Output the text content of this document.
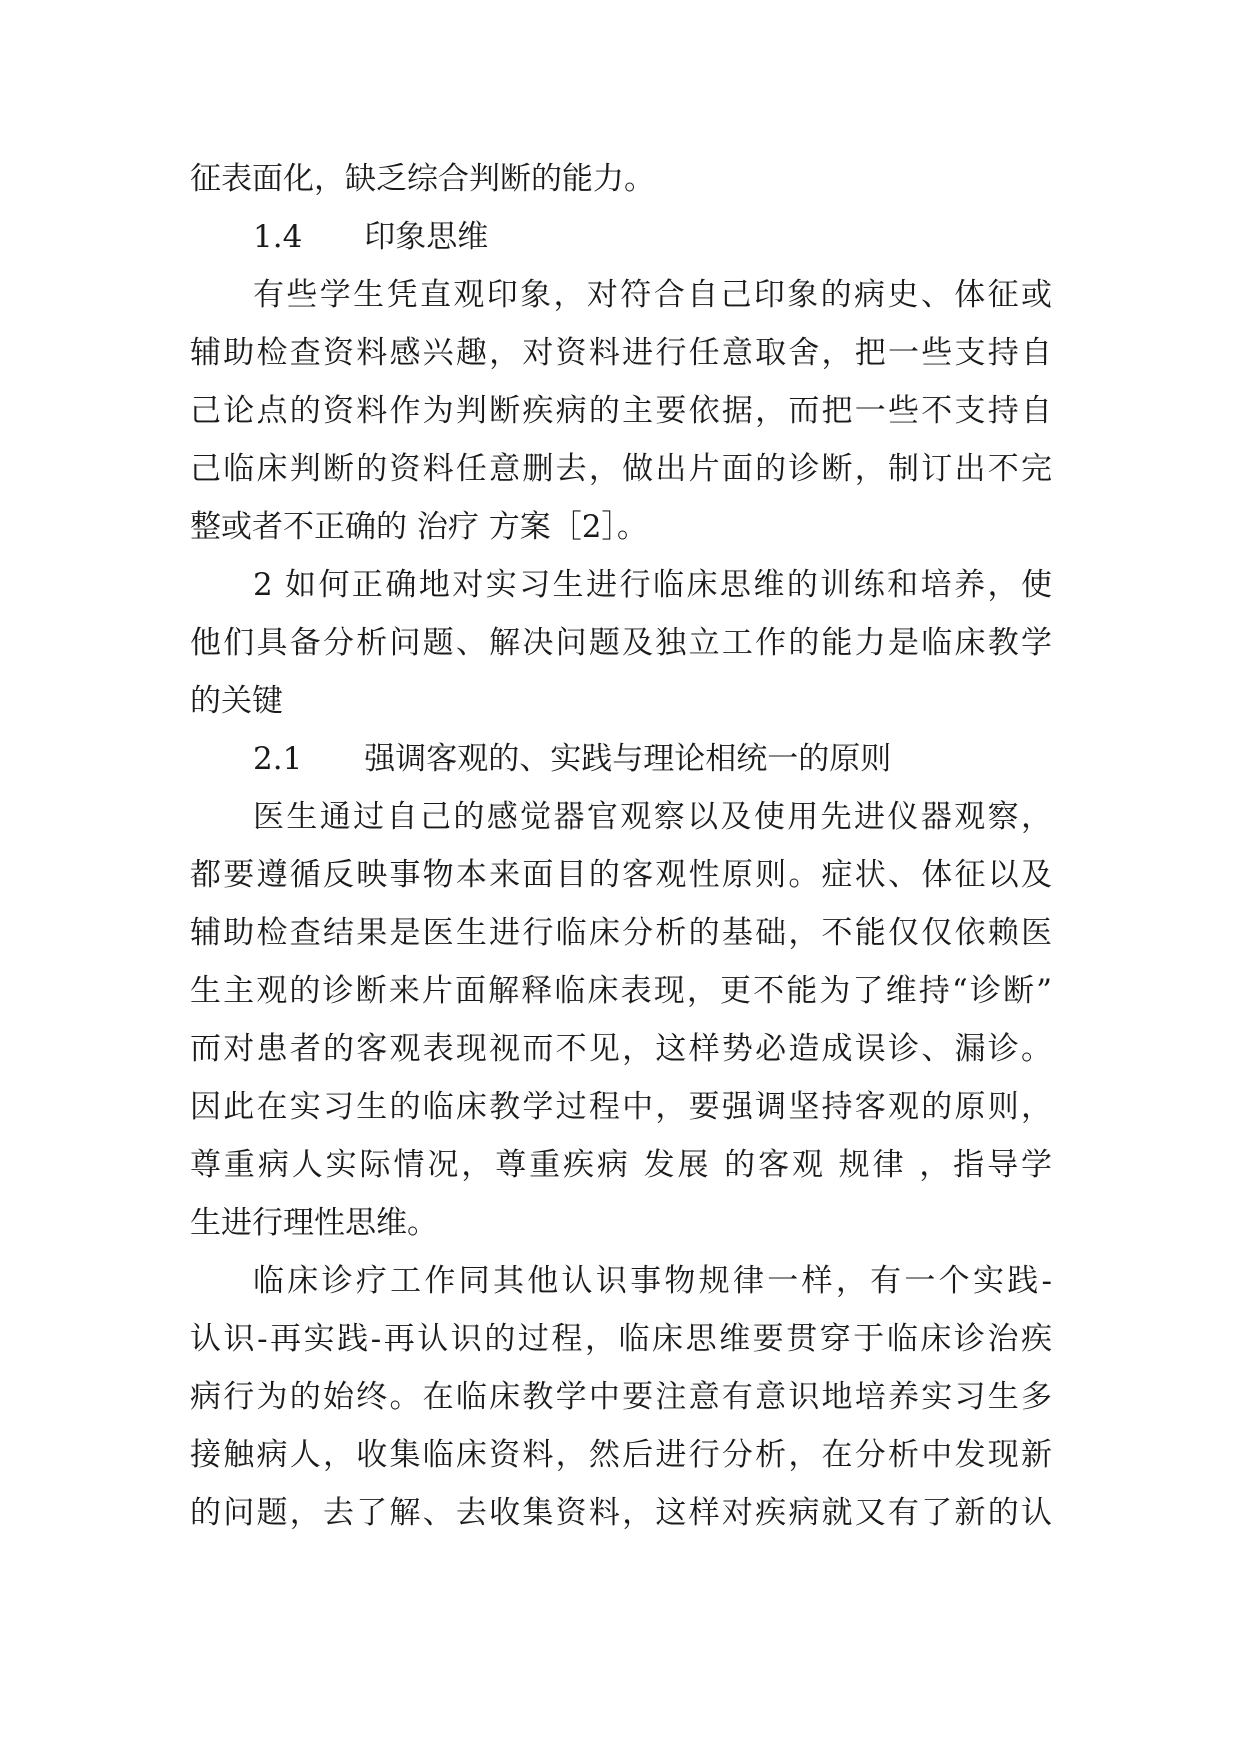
征表面化，缺乏综合判断的能力。
1.4　　印象思维
有些学生凭直观印象，对符合自己印象的病史、体征或
辅助检查资料感兴趣，对资料进行任意取舍，把一些支持自
己论点的资料作为判断疾病的主要依据，而把一些不支持自
己临床判断的资料任意删去，做出片面的诊断，制订出不完
整或者不正确的 治疗 方案［2］。
2 如何正确地对实习生进行临床思维的训练和培养，使
他们具备分析问题、解决问题及独立工作的能力是临床教学
的关键
2.1　　强调客观的、实践与理论相统一的原则
医生通过自己的感觉器官观察以及使用先进仪器观察，
都要遵循反映事物本来面目的客观性原则。症状、体征以及
辅助检查结果是医生进行临床分析的基础，不能仅仅依赖医
生主观的诊断来片面解释临床表现，更不能为了维持“诊断”
而对患者的客观表现视而不见，这样势必造成误诊、漏诊。
因此在实习生的临床教学过程中，要强调坚持客观的原则，
尊重病人实际情况，尊重疾病 发展 的客观 规律 ，指导学
生进行理性思维。
临床诊疗工作同其他认识事物规律一样，有一个实践-
认识-再实践-再认识的过程，临床思维要贯穿于临床诊治疾
病行为的始终。在临床教学中要注意有意识地培养实习生多
接触病人，收集临床资料，然后进行分析，在分析中发现新
的问题，去了解、去收集资料，这样对疾病就又有了新的认
